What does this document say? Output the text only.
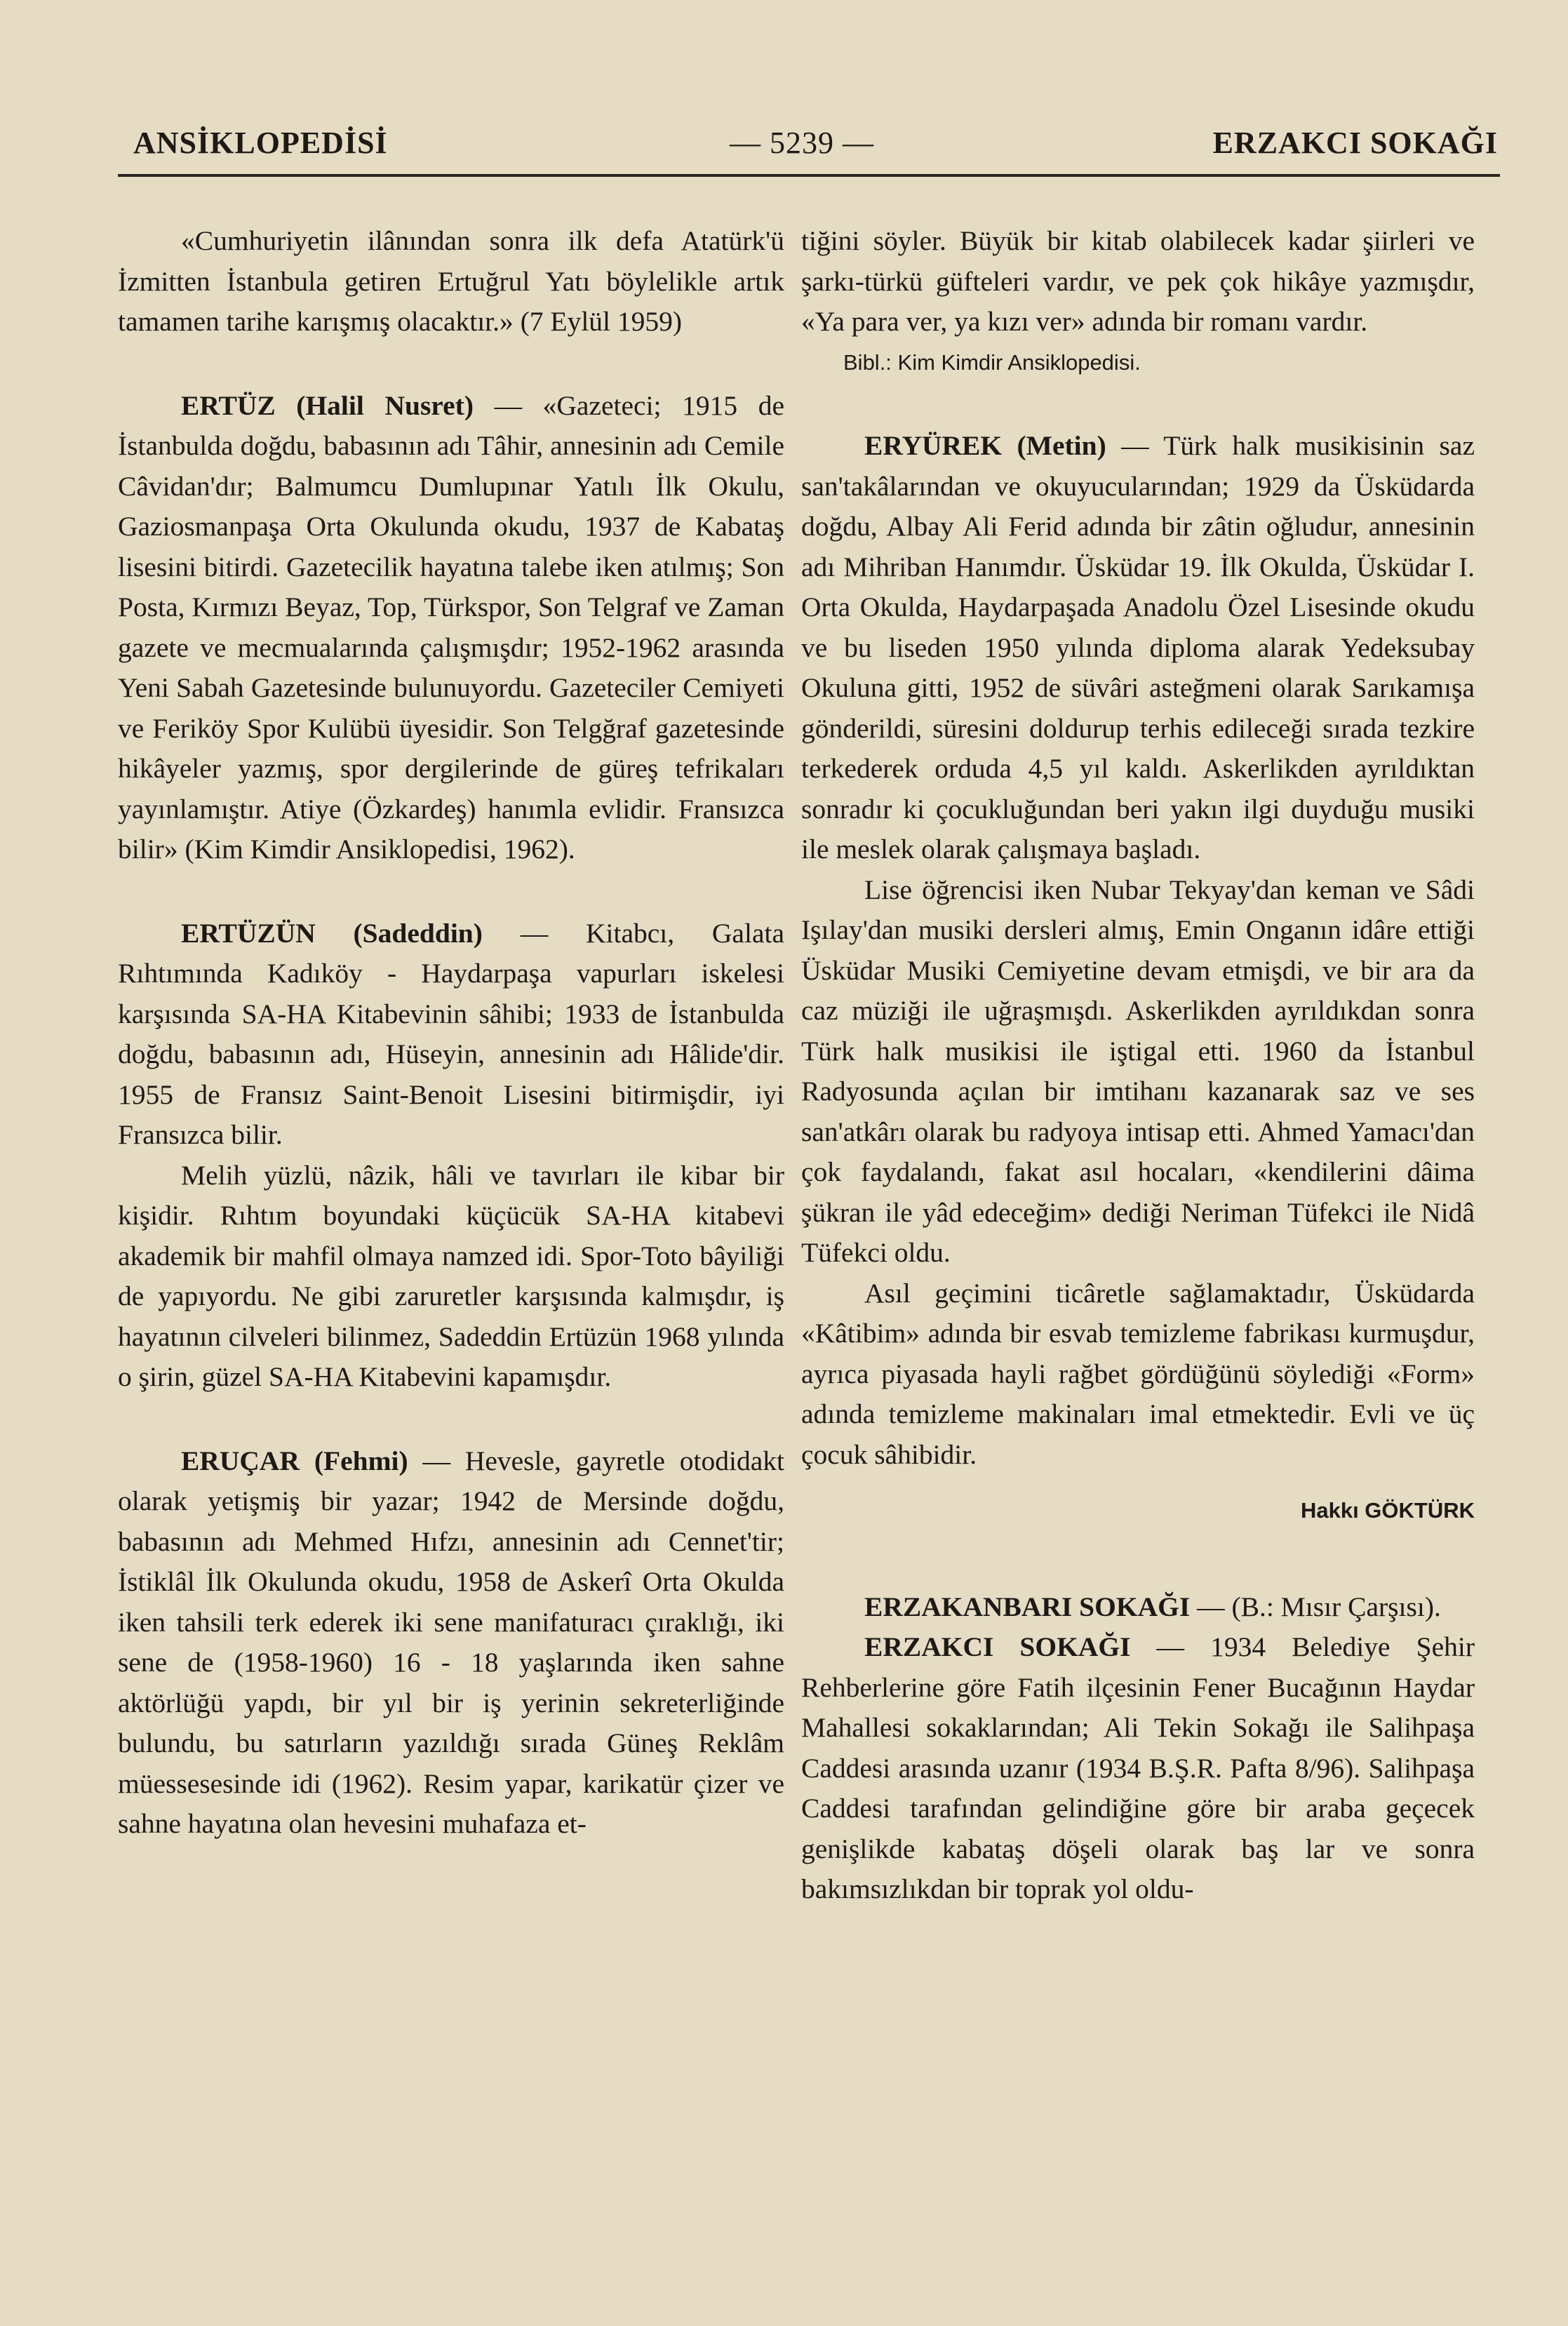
ANSİKLOPEDİSİ	— 5239 —	ERZAKCI SOKAĞI

«Cumhuriyetin ilânından sonra ilk defa Atatürk'ü İzmitten İstanbula getiren Ertuğrul Yatı böylelikle artık tamamen tarihe karışmış olacaktır.» (7 Eylül 1959)

ERTÜZ (Halil Nusret) — «Gazeteci; 1915 de İstanbulda doğdu, babasının adı Tâhir, annesinin adı Cemile Câvidan'dır; Balmumcu Dumlupınar Yatılı İlk Okulu, Gaziosmanpaşa Orta Okulunda okudu, 1937 de Kabataş lisesini bitirdi. Gazetecilik hayatına talebe iken atılmış; Son Posta, Kırmızı Beyaz, Top, Türkspor, Son Telgraf ve Zaman gazete ve mecmualarında çalışmışdır; 1952-1962 arasında Yeni Sabah Gazetesinde bulunuyordu. Gazeteciler Cemiyeti ve Feriköy Spor Kulübü üyesidir. Son Telgğraf gazetesinde hikâyeler yazmış, spor dergilerinde de güreş tefrikaları yayınlamıştır. Atiye (Özkardeş) hanımla evlidir. Fransızca bilir» (Kim Kimdir Ansiklopedisi, 1962).

ERTÜZÜN (Sadeddin) — Kitabcı, Galata Rıhtımında Kadıköy - Haydarpaşa vapurları iskelesi karşısında SA-HA Kitabevinin sâhibi; 1933 de İstanbulda doğdu, babasının adı, Hüseyin, annesinin adı Hâlide'dir. 1955 de Fransız Saint-Benoit Lisesini bitirmişdir, iyi Fransızca bilir.

Melih yüzlü, nâzik, hâli ve tavırları ile kibar bir kişidir. Rıhtım boyundaki küçücük SA-HA kitabevi akademik bir mahfil olmaya namzed idi. Spor-Toto bâyiliği de yapıyordu. Ne gibi zaruretler karşısında kalmışdır, iş hayatının cilveleri bilinmez, Sadeddin Ertüzün 1968 yılında o şirin, güzel SA-HA Kitabevini kapamışdır.

ERUÇAR (Fehmi) — Hevesle, gayretle otodidakt olarak yetişmiş bir yazar; 1942 de Mersinde doğdu, babasının adı Mehmed Hıfzı, annesinin adı Cennet'tir; İstiklâl İlk Okulunda okudu, 1958 de Askerî Orta Okulda iken tahsili terk ederek iki sene manifaturacı çıraklığı, iki sene de (1958-1960) 16 - 18 yaşlarında iken sahne aktörlüğü yapdı, bir yıl bir iş yerinin sekreterliğinde bulundu, bu satırların yazıldığı sırada Güneş Reklâm müessesesinde idi (1962). Resim yapar, karikatür çizer ve sahne hayatına olan hevesini muhafaza et-

tiğini söyler. Büyük bir kitab olabilecek kadar şiirleri ve şarkı-türkü güfteleri vardır, ve pek çok hikâye yazmışdır, «Ya para ver, ya kızı ver» adında bir romanı vardır.

Bibl.: Kim Kimdir Ansiklopedisi.

ERYÜREK (Metin) — Türk halk musikisinin saz san'takâlarından ve okuyucularından; 1929 da Üsküdarda doğdu, Albay Ali Ferid adında bir zâtin oğludur, annesinin adı Mihriban Hanımdır. Üsküdar 19. İlk Okulda, Üsküdar I. Orta Okulda, Haydarpaşada Anadolu Özel Lisesinde okudu ve bu liseden 1950 yılında diploma alarak Yedeksubay Okuluna gitti, 1952 de süvâri asteğmeni olarak Sarıkamışa gönderildi, süresini doldurup terhis edileceği sırada tezkire terkederek orduda 4,5 yıl kaldı. Askerlikden ayrıldıktan sonradır ki çocukluğundan beri yakın ilgi duyduğu musiki ile meslek olarak çalışmaya başladı.

Lise öğrencisi iken Nubar Tekyay'dan keman ve Sâdi Işılay'dan musiki dersleri almış, Emin Onganın idâre ettiği Üsküdar Musiki Cemiyetine devam etmişdi, ve bir ara da caz müziği ile uğraşmışdı. Askerlikden ayrıldıkdan sonra Türk halk musikisi ile iştigal etti. 1960 da İstanbul Radyosunda açılan bir imtihanı kazanarak saz ve ses san'atkârı olarak bu radyoya intisap etti. Ahmed Yamacı'dan çok faydalandı, fakat asıl hocaları, «kendilerini dâima şükran ile yâd edeceğim» dediği Neriman Tüfekci ile Nidâ Tüfekci oldu.

Asıl geçimini ticâretle sağlamaktadır, Üsküdarda «Kâtibim» adında bir esvab temizleme fabrikası kurmuşdur, ayrıca piyasada hayli rağbet gördüğünü söylediği «Form» adında temizleme makinaları imal etmektedir. Evli ve üç çocuk sâhibidir.

Hakkı GÖKTÜRK

ERZAKANBARI SOKAĞI — (B.: Mısır Çarşısı).

ERZAKCI SOKAĞI — 1934 Belediye Şehir Rehberlerine göre Fatih ilçesinin Fener Bucağının Haydar Mahallesi sokaklarından; Ali Tekin Sokağı ile Salihpaşa Caddesi arasında uzanır (1934 B.Ş.R. Pafta 8/96). Salihpaşa Caddesi tarafından gelindiğine göre bir araba geçecek genişlikde kabataş döşeli olarak baş lar ve sonra bakımsızlıkdan bir toprak yol oldu-
